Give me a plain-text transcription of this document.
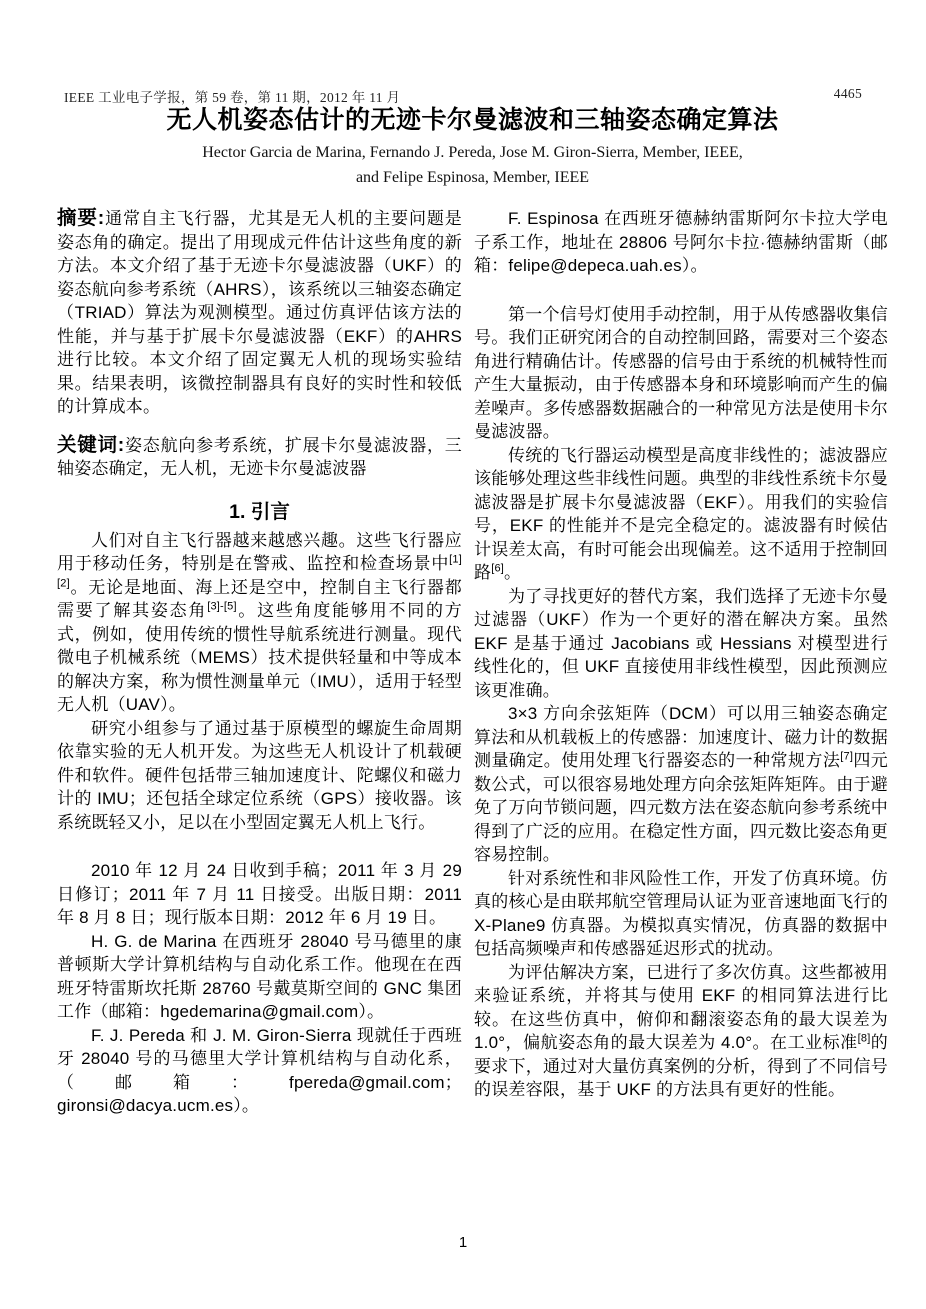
IEEE 工业电子学报，第 59 卷，第 11 期，2012 年 11 月	4465
无人机姿态估计的无迹卡尔曼滤波和三轴姿态确定算法
Hector Garcia de Marina, Fernando J. Pereda, Jose M. Giron-Sierra, Member, IEEE,
and Felipe Espinosa, Member, IEEE

摘要:通常自主飞行器，尤其是无人机的主要问题是姿态角的确定。提出了用现成元件估计这些角度的新方法。本文介绍了基于无迹卡尔曼滤波器（UKF）的姿态航向参考系统（AHRS），该系统以三轴姿态确定（TRIAD）算法为观测模型。通过仿真评估该方法的性能，并与基于扩展卡尔曼滤波器（EKF）的AHRS进行比较。本文介绍了固定翼无人机的现场实验结果。结果表明，该微控制器具有良好的实时性和较低的计算成本。

关键词:姿态航向参考系统，扩展卡尔曼滤波器，三轴姿态确定，无人机，无迹卡尔曼滤波器

1. 引言

人们对自主飞行器越来越感兴趣。这些飞行器应用于移动任务，特别是在警戒、监控和检查场景中[1][2]。无论是地面、海上还是空中，控制自主飞行器都需要了解其姿态角[3]-[5]。这些角度能够用不同的方式，例如，使用传统的惯性导航系统进行测量。现代微电子机械系统（MEMS）技术提供轻量和中等成本的解决方案，称为惯性测量单元（IMU），适用于轻型无人机（UAV）。

研究小组参与了通过基于原模型的螺旋生命周期依靠实验的无人机开发。为这些无人机设计了机载硬件和软件。硬件包括带三轴加速度计、陀螺仪和磁力计的 IMU；还包括全球定位系统（GPS）接收器。该系统既轻又小，足以在小型固定翼无人机上飞行。

2010 年 12 月 24 日收到手稿；2011 年 3 月 29 日修订；2011 年 7 月 11 日接受。出版日期：2011 年 8 月 8 日；现行版本日期：2012 年 6 月 19 日。

H. G. de Marina 在西班牙 28040 号马德里的康普顿斯大学计算机结构与自动化系工作。他现在在西班牙特雷斯坎托斯 28760 号戴莫斯空间的 GNC 集团工作（邮箱：hgedemarina@gmail.com）。

F. J. Pereda 和 J. M. Giron-Sierra 现就任于西班牙 28040 号的马德里大学计算机结构与自动化系，（邮箱：fpereda@gmail.com；gironsi@dacya.ucm.es）。

F. Espinosa 在西班牙德赫纳雷斯阿尔卡拉大学电子系工作，地址在 28806 号阿尔卡拉·德赫纳雷斯（邮箱：felipe@depeca.uah.es）。

第一个信号灯使用手动控制，用于从传感器收集信号。我们正研究闭合的自动控制回路，需要对三个姿态角进行精确估计。传感器的信号由于系统的机械特性而产生大量振动，由于传感器本身和环境影响而产生的偏差噪声。多传感器数据融合的一种常见方法是使用卡尔曼滤波器。

传统的飞行器运动模型是高度非线性的；滤波器应该能够处理这些非线性问题。典型的非线性系统卡尔曼滤波器是扩展卡尔曼滤波器（EKF）。用我们的实验信号，EKF 的性能并不是完全稳定的。滤波器有时候估计误差太高，有时可能会出现偏差。这不适用于控制回路[6]。

为了寻找更好的替代方案，我们选择了无迹卡尔曼过滤器（UKF）作为一个更好的潜在解决方案。虽然 EKF 是基于通过 Jacobians 或 Hessians 对模型进行线性化的，但 UKF 直接使用非线性模型，因此预测应该更准确。

3×3 方向余弦矩阵（DCM）可以用三轴姿态确定算法和从机载板上的传感器：加速度计、磁力计的数据测量确定。使用处理飞行器姿态的一种常规方法[7]四元数公式，可以很容易地处理方向余弦矩阵矩阵。由于避免了万向节锁问题，四元数方法在姿态航向参考系统中得到了广泛的应用。在稳定性方面，四元数比姿态角更容易控制。

针对系统性和非风险性工作，开发了仿真环境。仿真的核心是由联邦航空管理局认证为亚音速地面飞行的 X-Plane9 仿真器。为模拟真实情况，仿真器的数据中包括高频噪声和传感器延迟形式的扰动。

为评估解决方案，已进行了多次仿真。这些都被用来验证系统，并将其与使用 EKF 的相同算法进行比较。在这些仿真中，俯仰和翻滚姿态角的最大误差为 1.0°，偏航姿态角的最大误差为 4.0°。在工业标准[8]的要求下，通过对大量仿真案例的分析，得到了不同信号的误差容限，基于 UKF 的方法具有更好的性能。

1
